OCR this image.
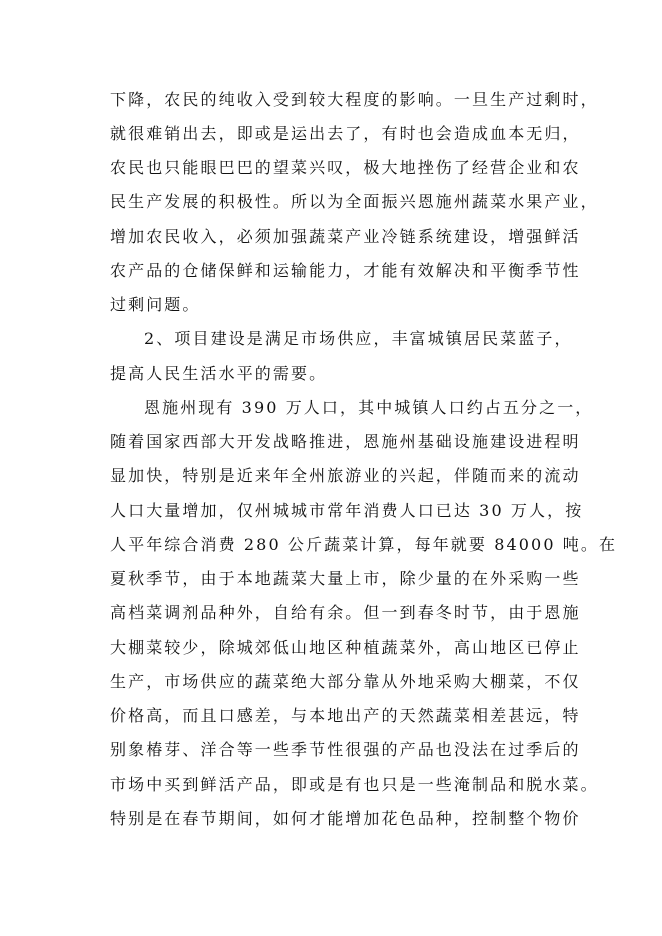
下降，农民的纯收入受到较大程度的影响。一旦生产过剩时，
就很难销出去，即或是运出去了，有时也会造成血本无归，
农民也只能眼巴巴的望菜兴叹，极大地挫伤了经营企业和农
民生产发展的积极性。所以为全面振兴恩施州蔬菜水果产业，
增加农民收入，必须加强蔬菜产业冷链系统建设，增强鲜活
农产品的仓储保鲜和运输能力，才能有效解决和平衡季节性
过剩问题。
2、项目建设是满足市场供应，丰富城镇居民菜蓝子，
提高人民生活水平的需要。
恩施州现有 390 万人口，其中城镇人口约占五分之一，
随着国家西部大开发战略推进，恩施州基础设施建设进程明
显加快，特别是近来年全州旅游业的兴起，伴随而来的流动
人口大量增加，仅州城城市常年消费人口已达 30 万人，按
人平年综合消费 280 公斤蔬菜计算，每年就要 84000 吨。在
夏秋季节，由于本地蔬菜大量上市，除少量的在外采购一些
高档菜调剂品种外，自给有余。但一到春冬时节，由于恩施
大棚菜较少，除城郊低山地区种植蔬菜外，高山地区已停止
生产，市场供应的蔬菜绝大部分靠从外地采购大棚菜，不仅
价格高，而且口感差，与本地出产的天然蔬菜相差甚远，特
别象椿芽、洋合等一些季节性很强的产品也没法在过季后的
市场中买到鲜活产品，即或是有也只是一些淹制品和脱水菜。
特别是在春节期间，如何才能增加花色品种，控制整个物价
